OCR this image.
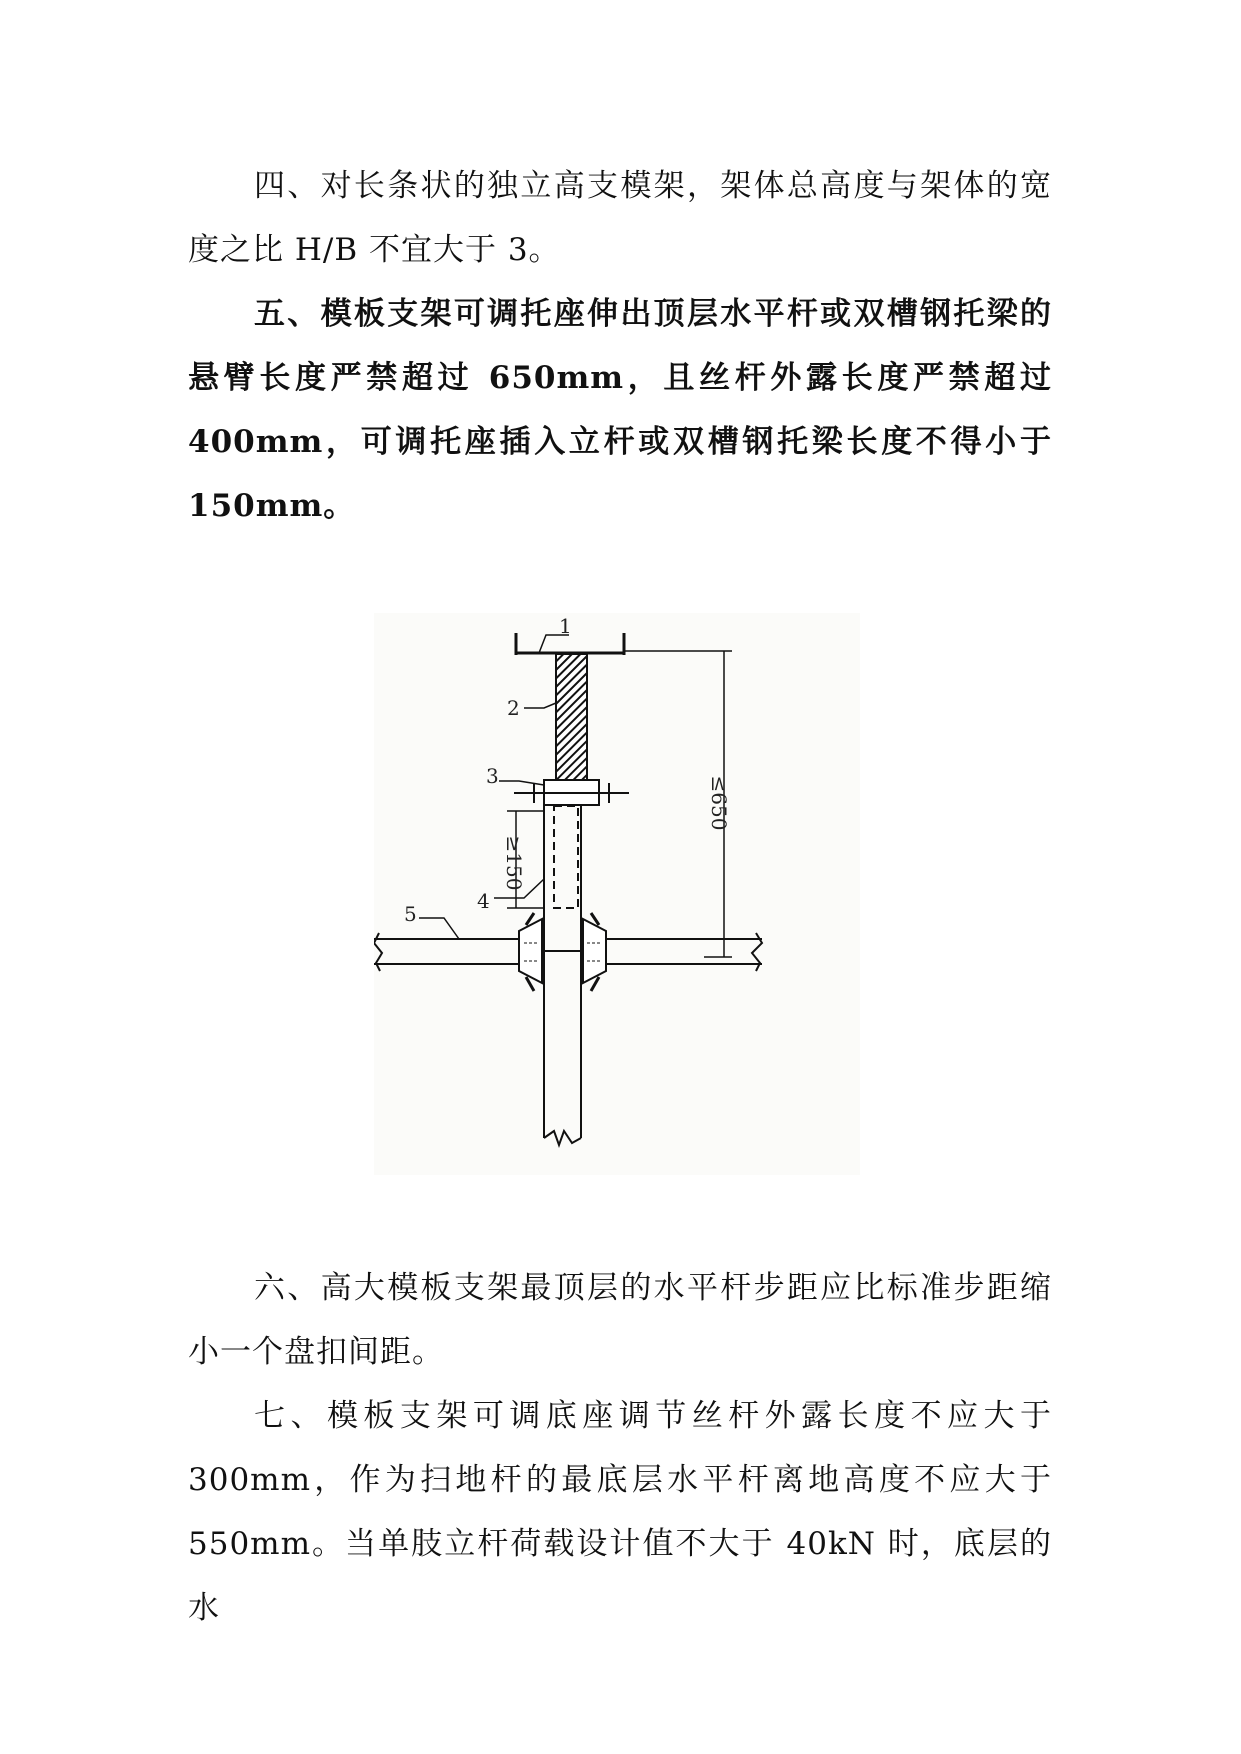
四、对长条状的独立高支模架，架体总高度与架体的宽度之比 H/B 不宜大于 3。

五、模板支架可调托座伸出顶层水平杆或双槽钢托梁的悬臂长度严禁超过 650mm，且丝杆外露长度严禁超过 400mm，可调托座插入立杆或双槽钢托梁长度不得小于 150mm。

≥150
≤650
1
2
3
4
5

六、高大模板支架最顶层的水平杆步距应比标准步距缩小一个盘扣间距。

七、模板支架可调底座调节丝杆外露长度不应大于 300mm，作为扫地杆的最底层水平杆离地高度不应大于 550mm。当单肢立杆荷载设计值不大于 40kN 时，底层的水
